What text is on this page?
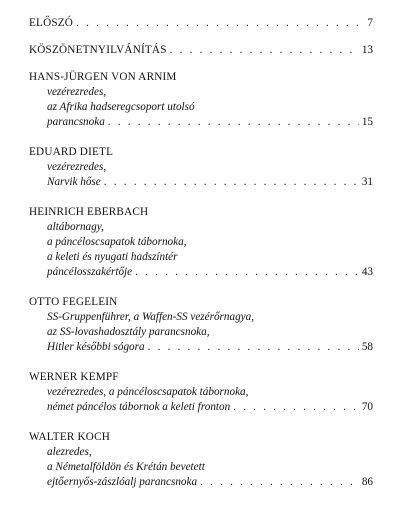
ELŐSZÓ . . .	7
KÖSZÖNETNYILVÁNÍTÁS . . .	13
HANS-JÜRGEN VON ARNIM
vezérezredes,
az Afrika hadseregcsoport utolsó
parancsnoka . . .	15
EDUARD DIETL
vezérezredes,
Narvik hőse . . .	31
HEINRICH EBERBACH
altábornagy,
a páncéloscsapatok tábornoka,
a keleti és nyugati hadszíntér
páncélosszakértője . . .	43
OTTO FEGELEIN
SS-Gruppenführer, a Waffen-SS vezérőrnagya,
az SS-lovashadosztály parancsnoka,
Hitler későbbi sógora . . .	58
WERNER KEMPF
vezérezredes, a páncéloscsapatok tábornoka,
német páncélos tábornok a keleti fronton . . .	70
WALTER KOCH
alezredes,
a Németalföldön és Krétán bevetett
ejtőernyős-zászlóalj parancsnoka . . .	86
